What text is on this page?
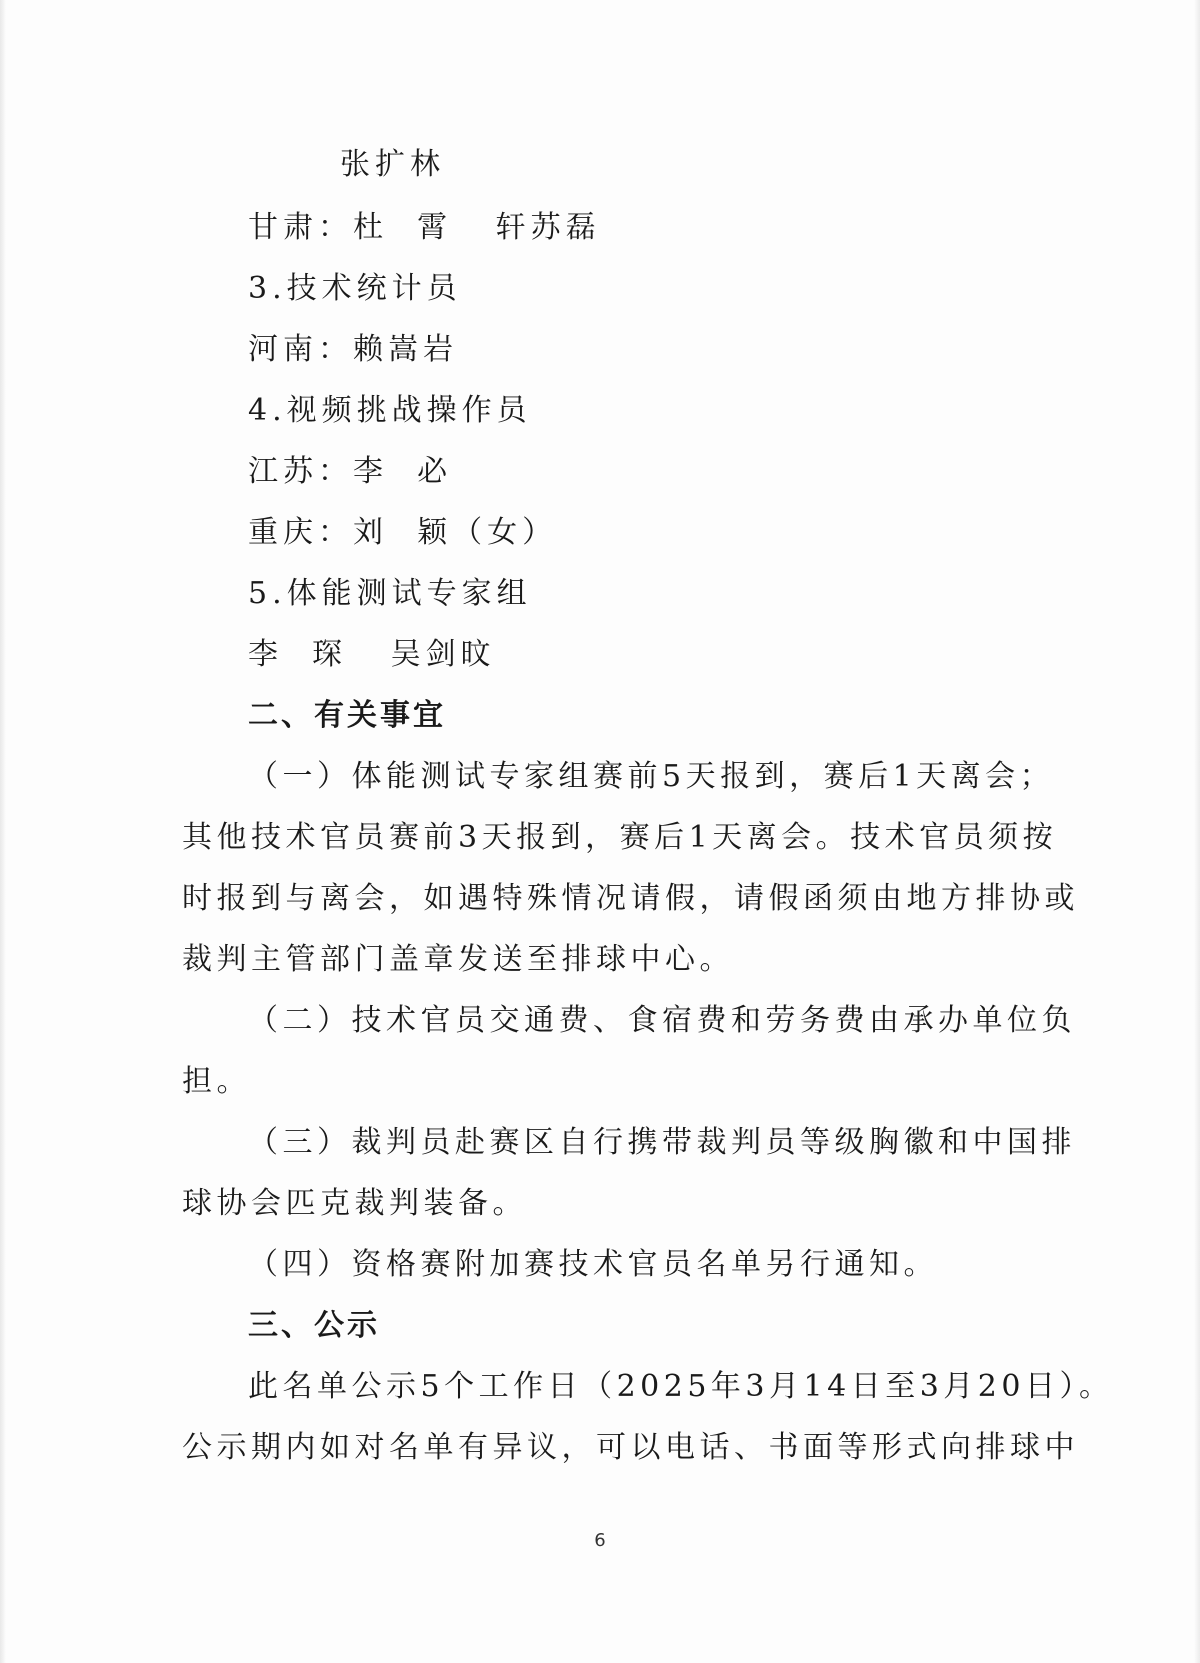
张扩林
甘肃：杜  霄   轩苏磊
3.技术统计员
河南：赖嵩岩
4.视频挑战操作员
江苏：李  必
重庆：刘  颖（女）
5.体能测试专家组
李  琛   吴剑旼
二、有关事宜
（一）体能测试专家组赛前5天报到，赛后1天离会；
其他技术官员赛前3天报到，赛后1天离会。技术官员须按
时报到与离会，如遇特殊情况请假，请假函须由地方排协或
裁判主管部门盖章发送至排球中心。
（二）技术官员交通费、食宿费和劳务费由承办单位负
担。
（三）裁判员赴赛区自行携带裁判员等级胸徽和中国排
球协会匹克裁判装备。
（四）资格赛附加赛技术官员名单另行通知。
三、公示
此名单公示5个工作日（2025年3月14日至3月20日）。
公示期内如对名单有异议，可以电话、书面等形式向排球中
6
